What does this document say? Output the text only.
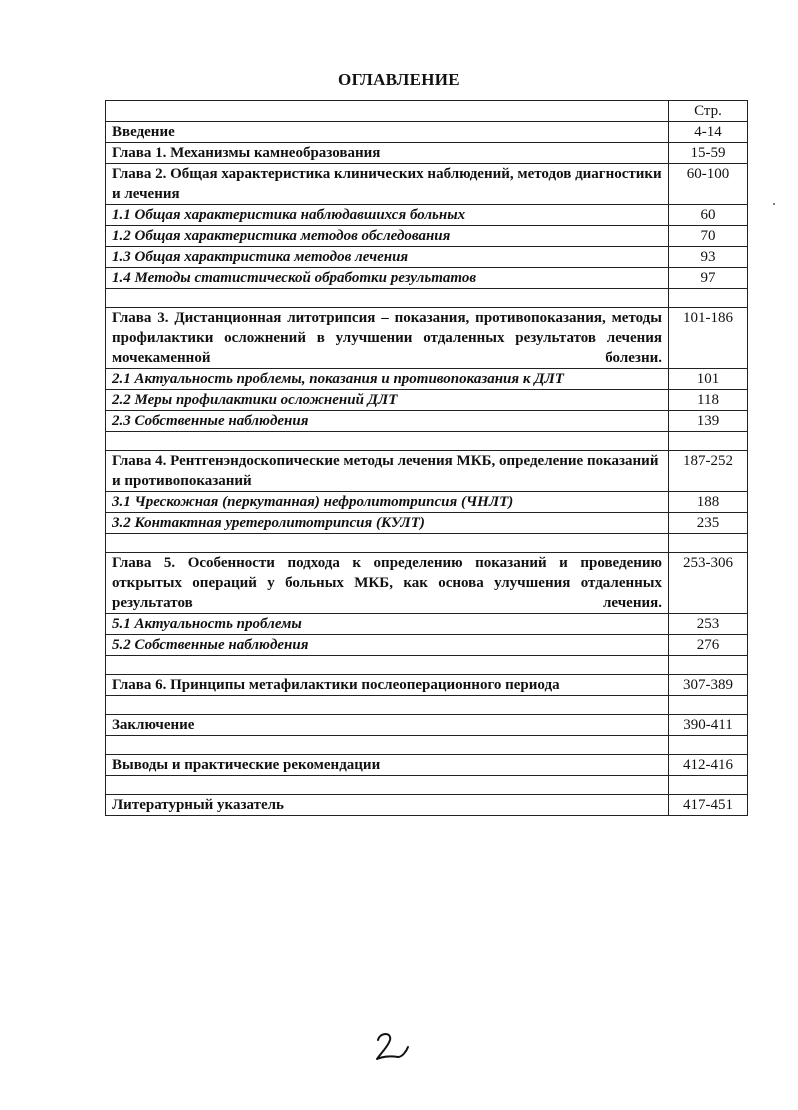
ОГЛАВЛЕНИЕ
	Стр.
Введение	4-14
Глава 1. Механизмы камнеобразования	15-59
Глава 2. Общая характеристика клинических наблюдений, методов диагностики и лечения	60-100
1.1 Общая характеристика наблюдавшихся больных	60
1.2 Общая характеристика методов обследования	70
1.3 Общая характристика методов лечения	93
1.4 Методы статистической обработки результатов	97

Глава 3. Дистанционная литотрипсия – показания, противопоказания, методы профилактики осложнений в улучшении отдаленных результатов лечения мочекаменной болезни.	101-186
2.1 Актуальность проблемы, показания и противопоказания к ДЛТ	101
2.2 Меры профилактики осложнений ДЛТ	118
2.3 Собственные наблюдения	139

Глава 4. Рентгенэндоскопические методы лечения МКБ, определение показаний и противопоказаний	187-252
3.1 Чрескожная (перкутанная) нефролитотрипсия (ЧНЛТ)	188
3.2 Контактная уретеролитотрипсия (КУЛТ)	235

Глава 5. Особенности подхода к определению показаний и проведению открытых операций у больных МКБ, как основа улучшения отдаленных результатов лечения.	253-306
5.1 Актуальность проблемы	253
5.2 Собственные наблюдения	276

Глава 6. Принципы метафилактики послеоперационного периода	307-389

Заключение	390-411

Выводы и практические рекомендации	412-416

Литературный указатель	417-451
